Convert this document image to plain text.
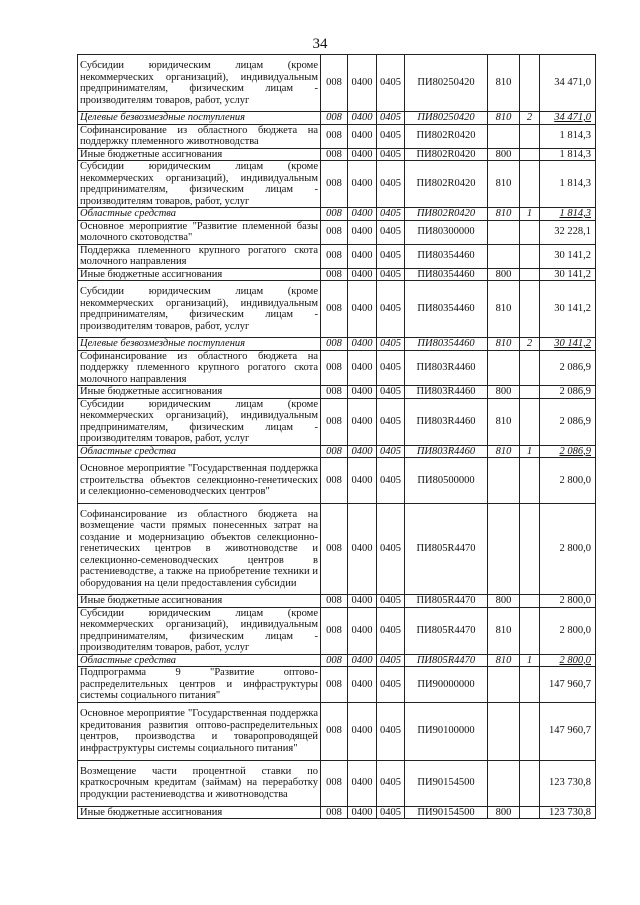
34
Субсидии юридическим лицам (кроме некоммерческих организаций), индивидуальным предпринимателям, физическим лицам - производителям товаров, работ, услуг	008	0400	0405	ПИ80250420	810		34 471,0
Целевые безвозмездные поступления	008	0400	0405	ПИ80250420	810	2	34 471,0
Софинансирование из областного бюджета на поддержку племенного животноводства	008	0400	0405	ПИ802R0420			1 814,3
Иные бюджетные ассигнования	008	0400	0405	ПИ802R0420	800		1 814,3
Субсидии юридическим лицам (кроме некоммерческих организаций), индивидуальным предпринимателям, физическим лицам - производителям товаров, работ, услуг	008	0400	0405	ПИ802R0420	810		1 814,3
Областные средства	008	0400	0405	ПИ802R0420	810	1	1 814,3
Основное мероприятие "Развитие племенной базы молочного скотоводства"	008	0400	0405	ПИ80300000			32 228,1
Поддержка племенного крупного рогатого скота молочного направления	008	0400	0405	ПИ80354460			30 141,2
Иные бюджетные ассигнования	008	0400	0405	ПИ80354460	800		30 141,2
Субсидии юридическим лицам (кроме некоммерческих организаций), индивидуальным предпринимателям, физическим лицам - производителям товаров, работ, услуг	008	0400	0405	ПИ80354460	810		30 141,2
Целевые безвозмездные поступления	008	0400	0405	ПИ80354460	810	2	30 141,2
Софинансирование из областного бюджета на поддержку племенного крупного рогатого скота молочного направления	008	0400	0405	ПИ803R4460			2 086,9
Иные бюджетные ассигнования	008	0400	0405	ПИ803R4460	800		2 086,9
Субсидии юридическим лицам (кроме некоммерческих организаций), индивидуальным предпринимателям, физическим лицам - производителям товаров, работ, услуг	008	0400	0405	ПИ803R4460	810		2 086,9
Областные средства	008	0400	0405	ПИ803R4460	810	1	2 086,9
Основное мероприятие "Государственная поддержка строительства объектов селекционно-генетических и селекционно-семеноводческих центров"	008	0400	0405	ПИ80500000			2 800,0
Софинансирование из областного бюджета на возмещение части прямых понесенных затрат на создание и модернизацию объектов селекционно-генетических центров в животноводстве и селекционно-семеноводческих центров в растениеводстве, а также на приобретение техники и оборудования на цели предоставления субсидии	008	0400	0405	ПИ805R4470			2 800,0
Иные бюджетные ассигнования	008	0400	0405	ПИ805R4470	800		2 800,0
Субсидии юридическим лицам (кроме некоммерческих организаций), индивидуальным предпринимателям, физическим лицам - производителям товаров, работ, услуг	008	0400	0405	ПИ805R4470	810		2 800,0
Областные средства	008	0400	0405	ПИ805R4470	810	1	2 800,0
Подпрограмма 9 "Развитие оптово-распределительных центров и инфраструктуры системы социального питания"	008	0400	0405	ПИ90000000			147 960,7
Основное мероприятие "Государственная поддержка кредитования развития оптово-распределительных центров, производства и товаропроводящей инфраструктуры системы социального питания"	008	0400	0405	ПИ90100000			147 960,7
Возмещение части процентной ставки по краткосрочным кредитам (займам) на переработку продукции растениеводства и животноводства	008	0400	0405	ПИ90154500			123 730,8
Иные бюджетные ассигнования	008	0400	0405	ПИ90154500	800		123 730,8
